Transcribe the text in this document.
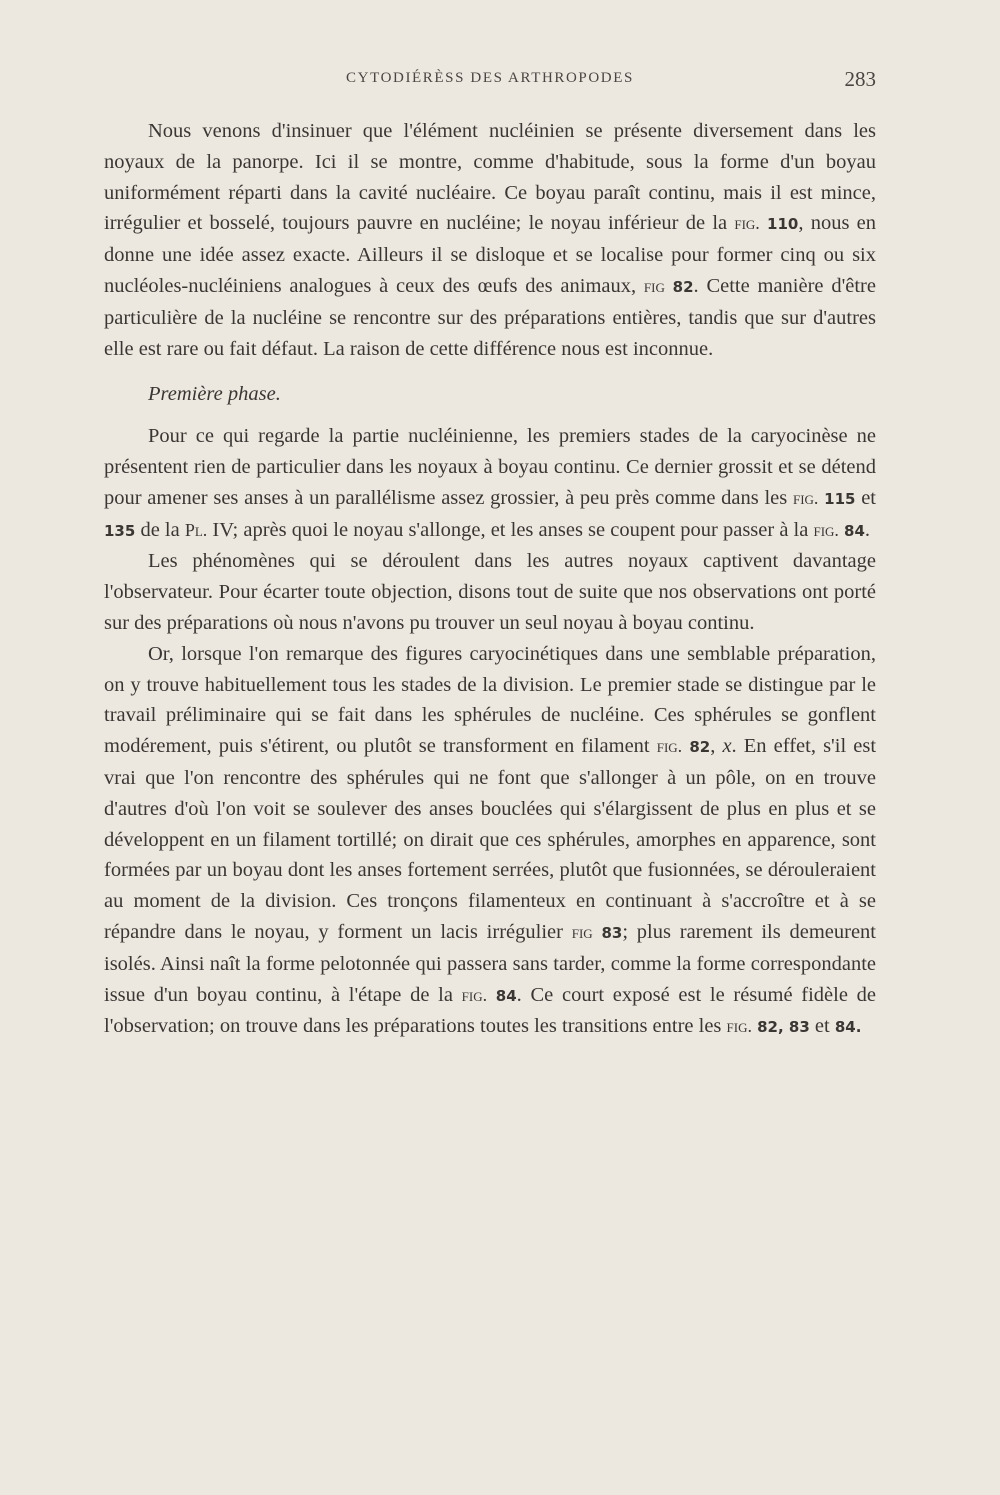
CYTODIÉRÈSS DES ARTHROPODES	283

Nous venons d'insinuer que l'élément nucléinien se présente diversement dans les noyaux de la panorpe. Ici il se montre, comme d'habitude, sous la forme d'un boyau uniformément réparti dans la cavité nucléaire. Ce boyau paraît continu, mais il est mince, irrégulier et bosselé, toujours pauvre en nucléine; le noyau inférieur de la fig. 110, nous en donne une idée assez exacte. Ailleurs il se disloque et se localise pour former cinq ou six nucléoles-nucléiniens analogues à ceux des œufs des animaux, fig 82. Cette manière d'être particulière de la nucléine se rencontre sur des préparations entières, tandis que sur d'autres elle est rare ou fait défaut. La raison de cette différence nous est inconnue.

Première phase.

Pour ce qui regarde la partie nucléinienne, les premiers stades de la caryocinèse ne présentent rien de particulier dans les noyaux à boyau continu. Ce dernier grossit et se détend pour amener ses anses à un parallélisme assez grossier, à peu près comme dans les fig. 115 et 135 de la Pl. IV; après quoi le noyau s'allonge, et les anses se coupent pour passer à la fig. 84.

Les phénomènes qui se déroulent dans les autres noyaux captivent davantage l'observateur. Pour écarter toute objection, disons tout de suite que nos observations ont porté sur des préparations où nous n'avons pu trouver un seul noyau à boyau continu.

Or, lorsque l'on remarque des figures caryocinétiques dans une semblable préparation, on y trouve habituellement tous les stades de la division. Le premier stade se distingue par le travail préliminaire qui se fait dans les sphérules de nucléine. Ces sphérules se gonflent modérement, puis s'étirent, ou plutôt se transforment en filament fig. 82, x. En effet, s'il est vrai que l'on rencontre des sphérules qui ne font que s'allonger à un pôle, on en trouve d'autres d'où l'on voit se soulever des anses bouclées qui s'élargissent de plus en plus et se développent en un filament tortillé; on dirait que ces sphérules, amorphes en apparence, sont formées par un boyau dont les anses fortement serrées, plutôt que fusionnées, se dérouleraient au moment de la division. Ces tronçons filamenteux en continuant à s'accroître et à se répandre dans le noyau, y forment un lacis irrégulier fig 83; plus rarement ils demeurent isolés. Ainsi naît la forme pelotonnée qui passera sans tarder, comme la forme correspondante issue d'un boyau continu, à l'étape de la fig. 84. Ce court exposé est le résumé fidèle de l'observation; on trouve dans les préparations toutes les transitions entre les fig. 82, 83 et 84.
